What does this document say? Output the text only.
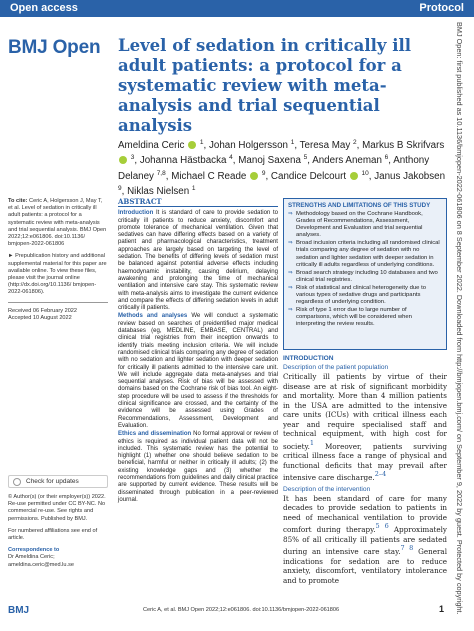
Open access	Protocol
BMJ Open Level of sedation in critically ill adult patients: a protocol for a systematic review with meta-analysis and trial sequential analysis
Ameldina Ceric $^1$, Johan Holgersson $^1$, Teresa May $^2$, Markus B Skrifvars  $^3$, Johanna Hästbacka $^4$, Manoj Saxena $^5$, Anders Aneman $^6$, Anthony Delaney $^{7,8}$, Michael C Reade $^9$, Candice Delcourt $^{10}$, Janus Jakobsen $^9$, Niklas Nielsen $^1$
To cite: Ceric A, Holgersson J, May T, et al. Level of sedation in critically ill adult patients: a protocol for a systematic review with meta-analysis and trial sequential analysis. BMJ Open 2022;12:e061806. doi:10.1136/ bmjopen-2022-061806
► Prepublication history and additional supplemental material for this paper are available online. To view these files, please visit the journal online (http://dx.doi.org/10.1136/ bmjopen-2022-061806).
Received 06 February 2022
Accepted 10 August 2022
Check for updates
© Author(s) (or their employer(s)) 2022. Re-use permitted under CC BY-NC. No commercial re-use. See rights and permissions. Published by BMJ.
For numbered affiliations see end of article.
Correspondence to
Dr Ameldina Ceric;
ameldina.ceric@med.lu.se
ABSTRACT

Introduction It is standard of care to provide sedation to critically ill patients to reduce anxiety, discomfort and promote tolerance of mechanical ventilation. Given that sedatives can have differing effects based on a variety of patient and pharmacological characteristics, treatment approaches are largely based on targeting the level of sedation. The benefits of differing levels of sedation must be balanced against potential adverse effects including haemodynamic instability, causing delirium, delaying awakening and prolonging the time of mechanical ventilation and intensive care stay. This systematic review with meta-analysis aims to investigate the current evidence and compare the effects of differing sedation levels in adult critically ill patients.

Methods and analyses We will conduct a systematic review based on searches of preidentified major medical databases (eg, MEDLINE, EMBASE, CENTRAL) and clinical trial registries from their inception onwards to identify trials meeting inclusion criteria. We will include randomised clinical trials comparing any degree of sedation with no sedation and lighter sedation with deeper sedation for critically ill patients admitted to the intensive care unit. We will include aggregate data meta-analyses and trial sequential analyses. Risk of bias will be assessed with domains based on the Cochrane risk of bias tool. An eight-step procedure will be used to assess if the thresholds for clinical significance are crossed, and the certainty of the evidence will be assessed using Grades of Recommendations, Assessment, Development and Evaluation.

Ethics and dissemination No formal approval or review of ethics is required as individual patient data will not be included. This systematic review has the potential to highlight (1) whether one should believe sedation to be beneficial, harmful or neither in critically ill adults; (2) the existing knowledge gaps and (3) whether the recommendations from guidelines and daily clinical practice are supported by current evidence. These results will be disseminated through publication in a peer-reviewed journal.

STRENGTHS AND LIMITATIONS OF THIS STUDY
⇒ Methodology based on the Cochrane Handbook, Grades of Recommendations, Assessment, Development and Evaluation and trial sequential analyses.
⇒ Broad inclusion criteria including all randomised clinical trials comparing any degree of sedation with no sedation and lighter sedation with deeper sedation in critically ill adults regardless of underlying conditions.
⇒ Broad search strategy including 10 databases and two clinical trial registries.
⇒ Risk of statistical and clinical heterogeneity due to various types of sedative drugs and participants regardless of underlying condition.
⇒ Risk of type 1 error due to large number of comparisons, which will be considered when interpreting the review results.
INTRODUCTION
Description of the patient population

Critically ill patients by virtue of their disease are at risk of significant morbidity and mortality. More than 4 million patients in the USA are admitted to the intensive care units (ICUs) with critical illness each year and require specialised staff and technical equipment, with high cost for society.$^1$ Moreover, patients surviving critical illness face a range of physical and functional deficits that may prevail after intensive care discharge.$^{2-4}$

Description of the intervention

It has been standard of care for many decades to provide sedation to patients in need of mechanical ventilation to provide comfort during therapy.$^{5 6}$ Approximately 85% of all critically ill patients are sedated during an intensive care stay.$^{7 8}$ General indications for sedation are to reduce anxiety, discomfort, ventilatory intolerance and to promote	BMJ Open: first published as 10.1136/bmjopen-2022-061806 on 8 September 2022. Downloaded from http://bmjopen.bmj.com/ on September 9, 2022 by guest. Protected by copyright.
BMJ	Ceric A, et al. BMJ Open 2022;12:e061806. doi:10.1136/bmjopen-2022-061806	1
